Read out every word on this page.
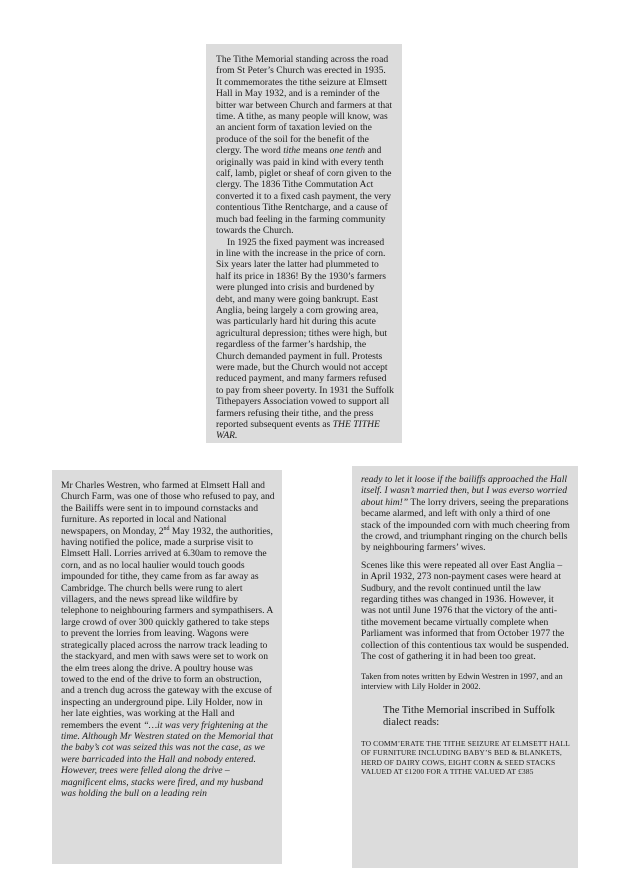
The Tithe Memorial standing across the road from St Peter’s Church was erected in 1935. It commemorates the tithe seizure at Elmsett Hall in May 1932, and is a reminder of the bitter war between Church and farmers at that time. A tithe, as many people will know, was an ancient form of taxation levied on the produce of the soil for the benefit of the clergy. The word tithe means one tenth and originally was paid in kind with every tenth calf, lamb, piglet or sheaf of corn given to the clergy. The 1836 Tithe Commutation Act converted it to a fixed cash payment, the very contentious Tithe Rentcharge, and a cause of much bad feeling in the farming community towards the Church.

In 1925 the fixed payment was increased in line with the increase in the price of corn. Six years later the latter had plummeted to half its price in 1836! By the 1930’s farmers were plunged into crisis and burdened by debt, and many were going bankrupt. East Anglia, being largely a corn growing area, was particularly hard hit during this acute agricultural depression; tithes were high, but regardless of the farmer’s hardship, the Church demanded payment in full. Protests were made, but the Church would not accept reduced payment, and many farmers refused to pay from sheer poverty. In 1931 the Suffolk Tithepayers Association vowed to support all farmers refusing their tithe, and the press reported subsequent events as THE TITHE WAR.

Mr Charles Westren, who farmed at Elmsett Hall and Church Farm, was one of those who refused to pay, and the Bailiffs were sent in to impound cornstacks and furniture. As reported in local and National newspapers, on Monday, 2nd May 1932, the authorities, having notified the police, made a surprise visit to Elmsett Hall. Lorries arrived at 6.30am to remove the corn, and as no local haulier would touch goods impounded for tithe, they came from as far away as Cambridge. The church bells were rung to alert villagers, and the news spread like wildfire by telephone to neighbouring farmers and sympathisers. A large crowd of over 300 quickly gathered to take steps to prevent the lorries from leaving. Wagons were strategically placed across the narrow track leading to the stackyard, and men with saws were set to work on the elm trees along the drive. A poultry house was towed to the end of the drive to form an obstruction, and a trench dug across the gateway with the excuse of inspecting an underground pipe. Lily Holder, now in her late eighties, was working at the Hall and remembers the event “…it was very frightening at the time. Although Mr Westren stated on the Memorial that the baby’s cot was seized this was not the case, as we were barricaded into the Hall and nobody entered. However, trees were felled along the drive – magnificent elms, stacks were fired, and my husband was holding the bull on a leading rein

ready to let it loose if the bailiffs approached the Hall itself. I wasn’t married then, but I was everso worried about him!” The lorry drivers, seeing the preparations became alarmed, and left with only a third of one stack of the impounded corn with much cheering from the crowd, and triumphant ringing on the church bells by neighbouring farmers’ wives.

Scenes like this were repeated all over East Anglia – in April 1932, 273 non-payment cases were heard at Sudbury, and the revolt continued until the law regarding tithes was changed in 1936. However, it was not until June 1976 that the victory of the anti-tithe movement became virtually complete when Parliament was informed that from October 1977 the collection of this contentious tax would be suspended. The cost of gathering it in had been too great.

Taken from notes written by Edwin Westren in 1997, and an interview with Lily Holder in 2002.

The Tithe Memorial inscribed in Suffolk dialect reads:

TO COMM’ERATE THE TITHE SEIZURE AT ELMSETT HALL OF FURNITURE INCLUDING BABY’S BED & BLANKETS, HERD OF DAIRY COWS, EIGHT CORN & SEED STACKS VALUED AT £1200 FOR A TITHE VALUED AT £385
